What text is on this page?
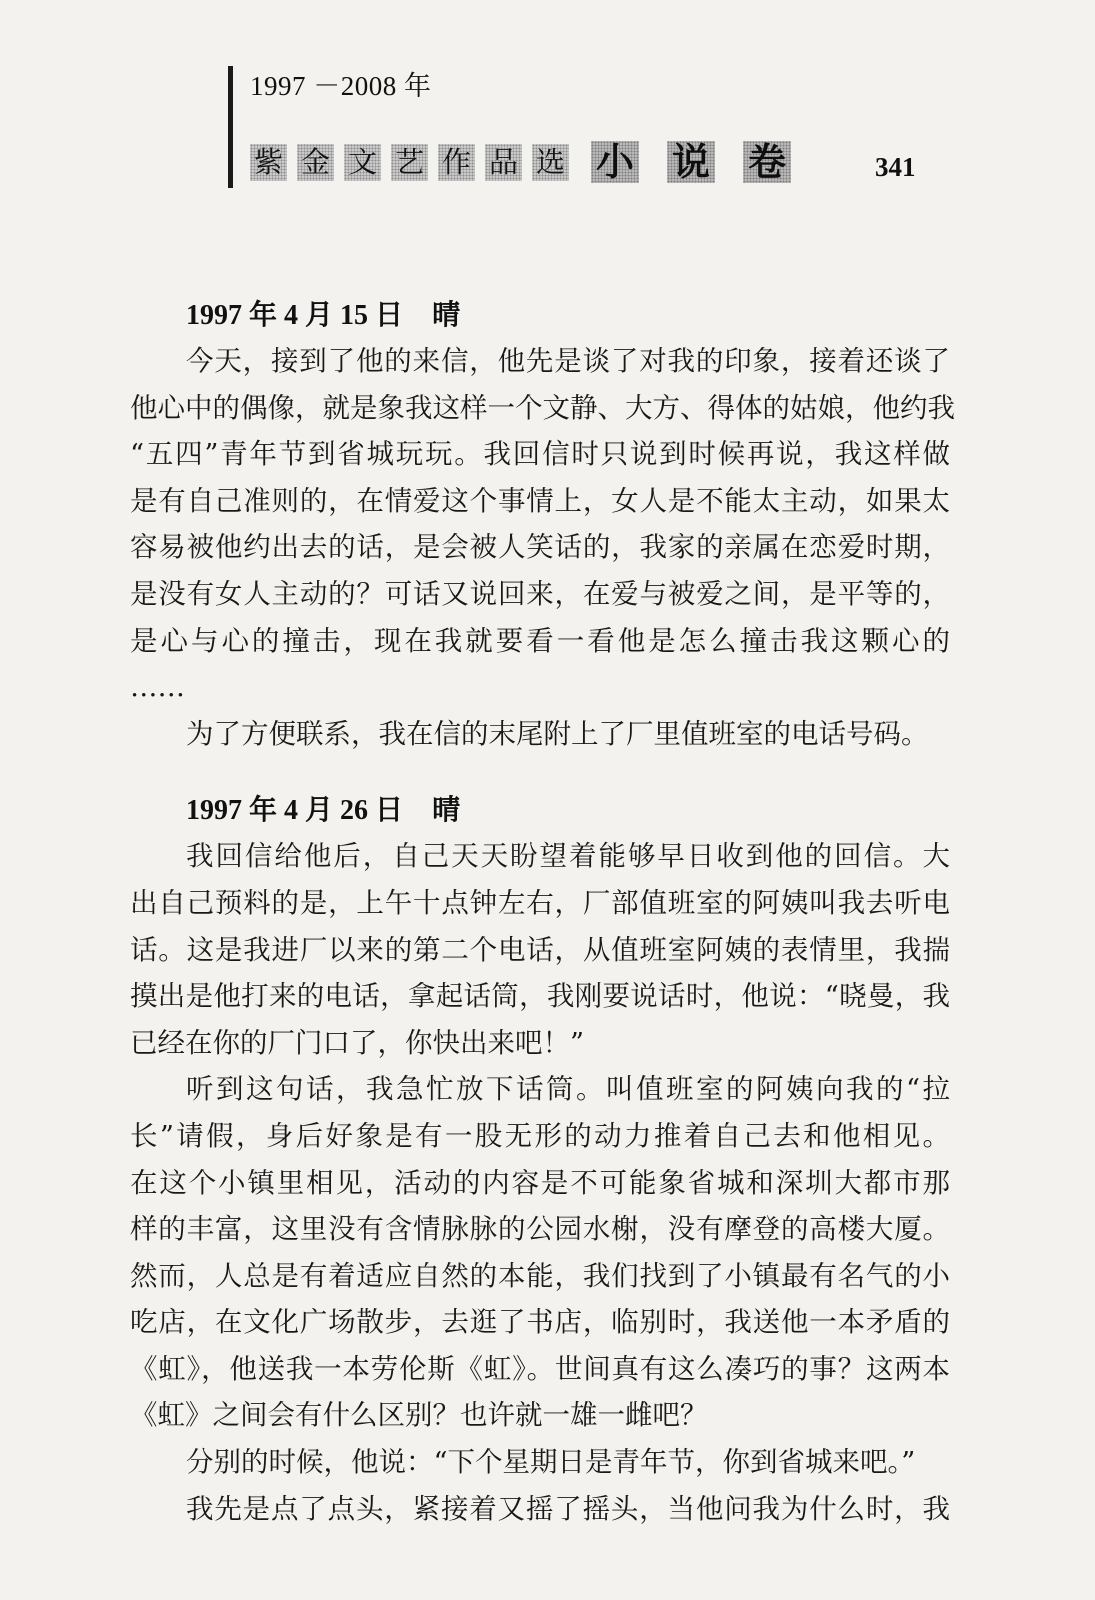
1997 －2008 年
紫 金 文 艺 作 品 选 小 说 卷	341
1997 年 4 月 15 日 晴
今天，接到了他的来信，他先是谈了对我的印象，接着还谈了
他心中的偶像，就是象我这样一个文静、大方、得体的姑娘，他约我
“五四”青年节到省城玩玩。我回信时只说到时候再说，我这样做
是有自己准则的，在情爱这个事情上，女人是不能太主动，如果太
容易被他约出去的话，是会被人笑话的，我家的亲属在恋爱时期，
是没有女人主动的？可话又说回来，在爱与被爱之间，是平等的，
是心与心的撞击，现在我就要看一看他是怎么撞击我这颗心的
……
为了方便联系，我在信的末尾附上了厂里值班室的电话号码。
1997 年 4 月 26 日 晴
我回信给他后，自己天天盼望着能够早日收到他的回信。大
出自己预料的是，上午十点钟左右，厂部值班室的阿姨叫我去听电
话。这是我进厂以来的第二个电话，从值班室阿姨的表情里，我揣
摸出是他打来的电话，拿起话筒，我刚要说话时，他说：“晓曼，我
已经在你的厂门口了，你快出来吧！”
听到这句话，我急忙放下话筒。叫值班室的阿姨向我的“拉
长”请假，身后好象是有一股无形的动力推着自己去和他相见。
在这个小镇里相见，活动的内容是不可能象省城和深圳大都市那
样的丰富，这里没有含情脉脉的公园水榭，没有摩登的高楼大厦。
然而，人总是有着适应自然的本能，我们找到了小镇最有名气的小
吃店，在文化广场散步，去逛了书店，临别时，我送他一本矛盾的
《虹》，他送我一本劳伦斯《虹》。世间真有这么凑巧的事？这两本
《虹》之间会有什么区别？也许就一雄一雌吧？
分别的时候，他说：“下个星期日是青年节，你到省城来吧。”
我先是点了点头，紧接着又摇了摇头，当他问我为什么时，我
